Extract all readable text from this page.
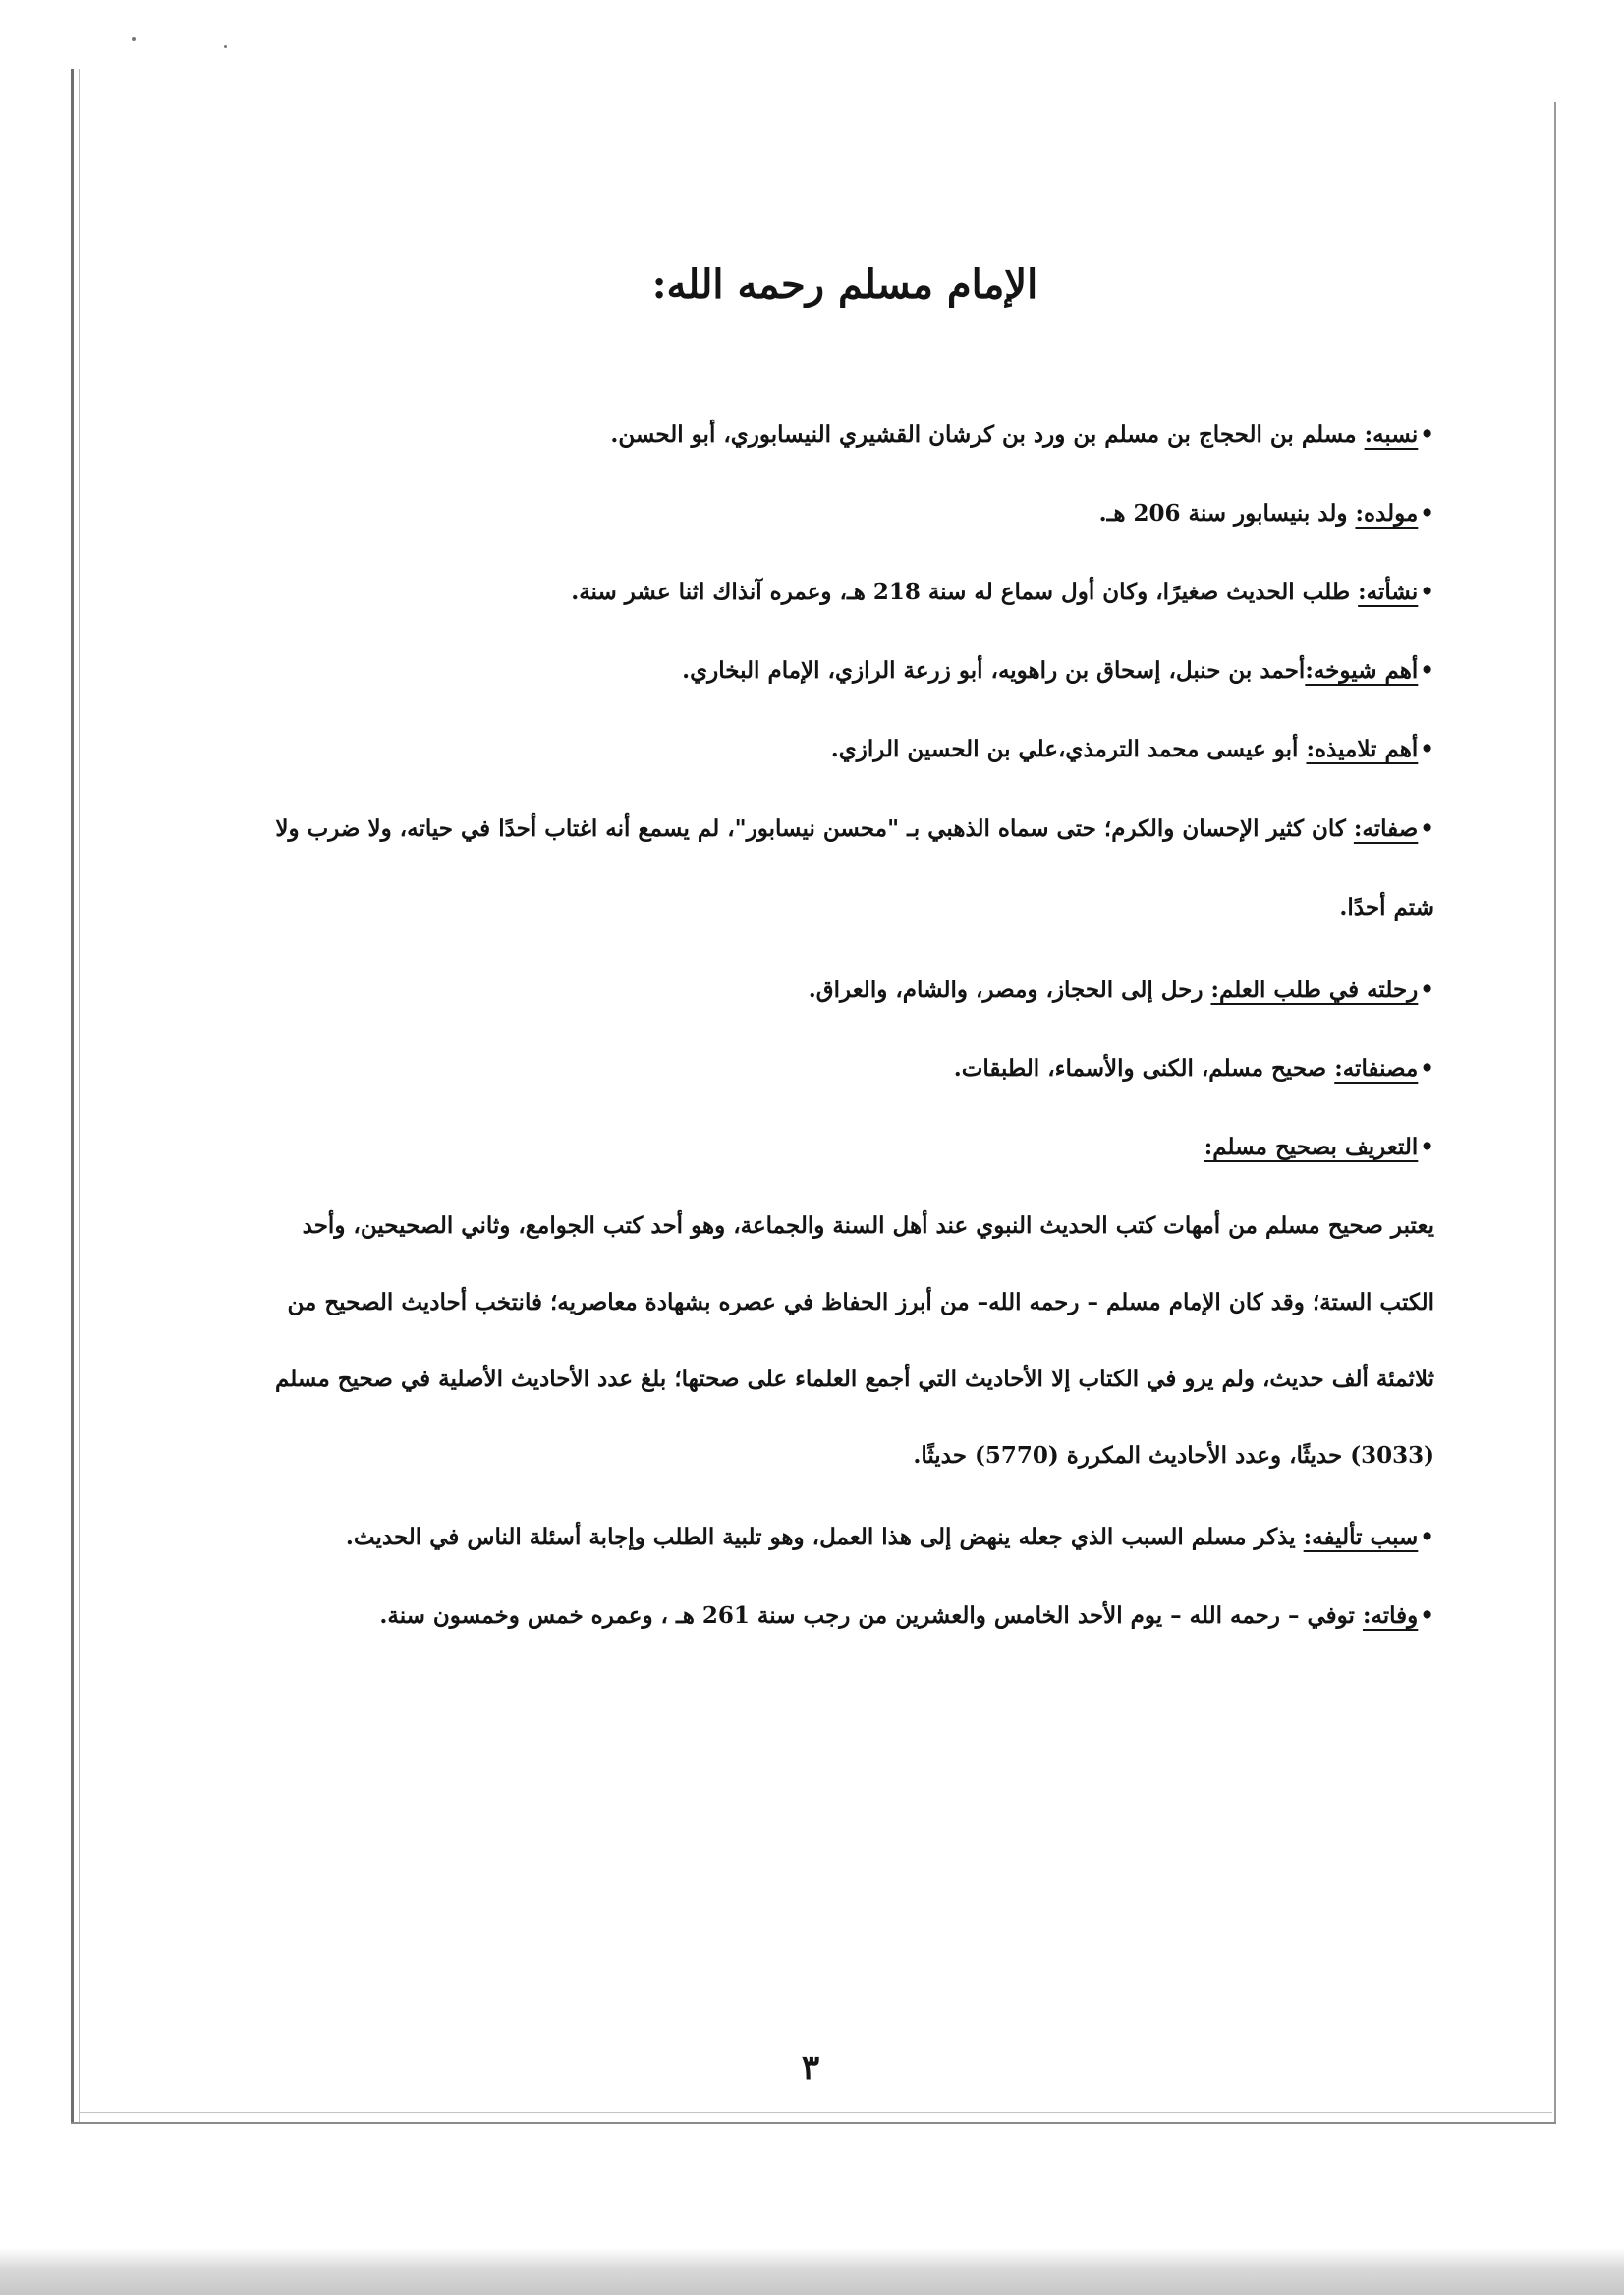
الإمام مسلم رحمه الله:

•نسبه: مسلم بن الحجاج بن مسلم بن ورد بن كرشان القشيري النيسابوري، أبو الحسن.

•مولده: ولد بنيسابور سنة 206 هـ.

•نشأته: طلب الحديث صغيرًا، وكان أول سماع له سنة 218 هـ، وعمره آنذاك اثنا عشر سنة.

•أهم شيوخه:أحمد بن حنبل، إسحاق بن راهويه، أبو زرعة الرازي، الإمام البخاري.

•أهم تلاميذه: أبو عيسى محمد الترمذي،علي بن الحسين الرازي.

•صفاته: كان كثير الإحسان والكرم؛ حتى سماه الذهبي بـ "محسن نيسابور"، لم يسمع أنه اغتاب أحدًا في حياته، ولا ضرب ولا شتم أحدًا.

•رحلته في طلب العلم: رحل إلى الحجاز، ومصر، والشام، والعراق.

•مصنفاته: صحيح مسلم، الكنى والأسماء، الطبقات.

•التعريف بصحيح مسلم:

يعتبر صحيح مسلم من أمهات كتب الحديث النبوي عند أهل السنة والجماعة، وهو أحد كتب الجوامع، وثاني الصحيحين، وأحد الكتب الستة؛ وقد كان الإمام مسلم – رحمه الله– من أبرز الحفاظ في عصره بشهادة معاصريه؛ فانتخب أحاديث الصحيح من ثلاثمئة ألف حديث، ولم يرو في الكتاب إلا الأحاديث التي أجمع العلماء على صحتها؛ بلغ عدد الأحاديث الأصلية في صحيح مسلم (3033) حديثًا، وعدد الأحاديث المكررة (5770) حديثًا.

•سبب تأليفه: يذكر مسلم السبب الذي جعله ينهض إلى هذا العمل، وهو تلبية الطلب وإجابة أسئلة الناس في الحديث.

•وفاته: توفي – رحمه الله – يوم الأحد الخامس والعشرين من رجب سنة 261 هـ ، وعمره خمس وخمسون سنة.

٣
